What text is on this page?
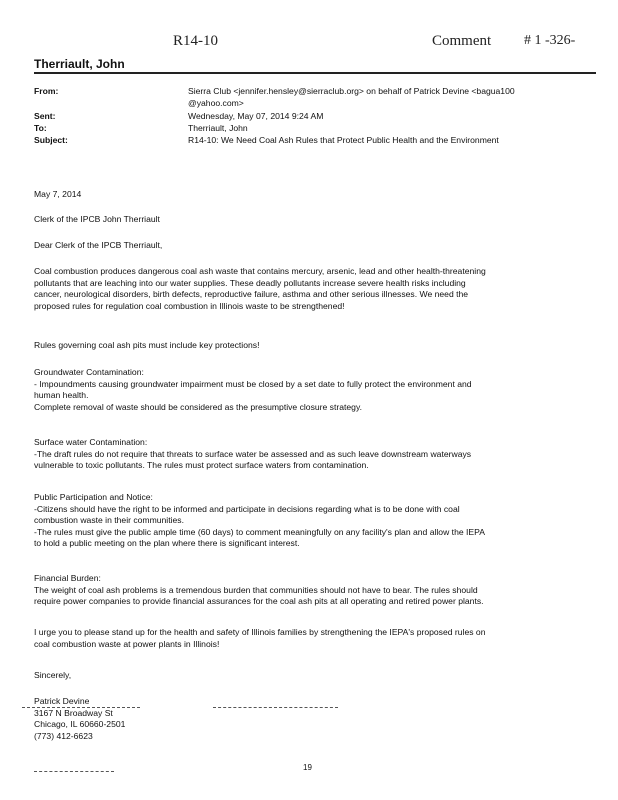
R14-10	Comment # 1 -326-
Therriault, John
From:	Sierra Club <jennifer.hensley@sierraclub.org> on behalf of Patrick Devine <bagua100
@yahoo.com>
Sent:	Wednesday, May 07, 2014 9:24 AM
To:	Therriault, John
Subject:	R14-10: We Need Coal Ash Rules that Protect Public Health and the Environment
May 7, 2014
Clerk of the IPCB John Therriault
Dear Clerk of the IPCB Therriault,
Coal combustion produces dangerous coal ash waste that contains mercury, arsenic, lead and other health-threatening
pollutants that are leaching into our water supplies. These deadly pollutants increase severe health risks including
cancer, neurological disorders, birth defects, reproductive failure, asthma and other serious illnesses. We need the
proposed rules for regulation coal combustion in Illinois waste to be strengthened!
Rules governing coal ash pits must include key protections!
Groundwater Contamination:
- Impoundments causing groundwater impairment must be closed by a set date to fully protect the environment and
human health.
Complete removal of waste should be considered as the presumptive closure strategy.
Surface water Contamination:
-The draft rules do not require that threats to surface water be assessed and as such leave downstream waterways
vulnerable to toxic pollutants. The rules must protect surface waters from contamination.
Public Participation and Notice:
-Citizens should have the right to be informed and participate in decisions regarding what is to be done with coal
combustion waste in their communities.
-The rules must give the public ample time (60 days) to comment meaningfully on any facility's plan and allow the IEPA
to hold a public meeting on the plan where there is significant interest.
Financial Burden:
The weight of coal ash problems is a tremendous burden that communities should not have to bear. The rules should
require power companies to provide financial assurances for the coal ash pits at all operating and retired power plants.
I urge you to please stand up for the health and safety of Illinois families by strengthening the IEPA's proposed rules on
coal combustion waste at power plants in Illinois!
Sincerely,
Patrick Devine
3167 N Broadway St
Chicago, IL 60660-2501
(773) 412-6623
19
